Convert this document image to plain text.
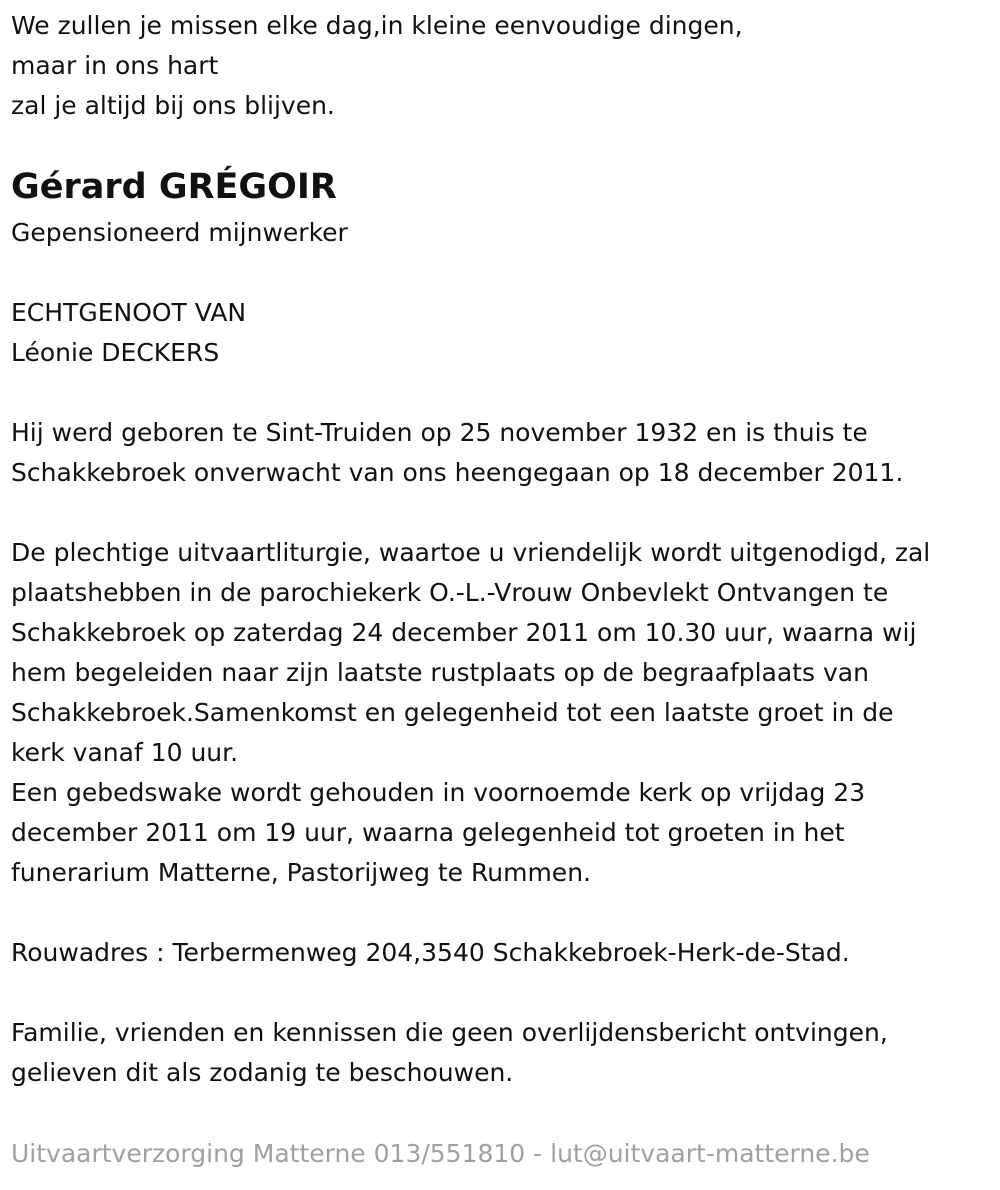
We zullen je missen elke dag,in kleine eenvoudige dingen,
maar in ons hart
zal je altijd bij ons blijven.
Gérard GRÉGOIR
Gepensioneerd mijnwerker
ECHTGENOOT VAN
Léonie DECKERS
Hij werd geboren te Sint-Truiden op 25 november 1932 en is thuis te
Schakkebroek onverwacht van ons heengegaan op 18 december 2011.
De plechtige uitvaartliturgie, waartoe u vriendelijk wordt uitgenodigd, zal
plaatshebben in de parochiekerk O.-L.-Vrouw Onbevlekt Ontvangen te
Schakkebroek op zaterdag 24 december 2011 om 10.30 uur, waarna wij
hem begeleiden naar zijn laatste rustplaats op de begraafplaats van
Schakkebroek.Samenkomst en gelegenheid tot een laatste groet in de
kerk vanaf 10 uur.
Een gebedswake wordt gehouden in voornoemde kerk op vrijdag 23
december 2011 om 19 uur, waarna gelegenheid tot groeten in het
funerarium Matterne, Pastorijweg te Rummen.
Rouwadres : Terbermenweg 204,3540 Schakkebroek-Herk-de-Stad.
Familie, vrienden en kennissen die geen overlijdensbericht ontvingen,
gelieven dit als zodanig te beschouwen.
Uitvaartverzorging Matterne 013/551810 - lut@uitvaart-matterne.be
